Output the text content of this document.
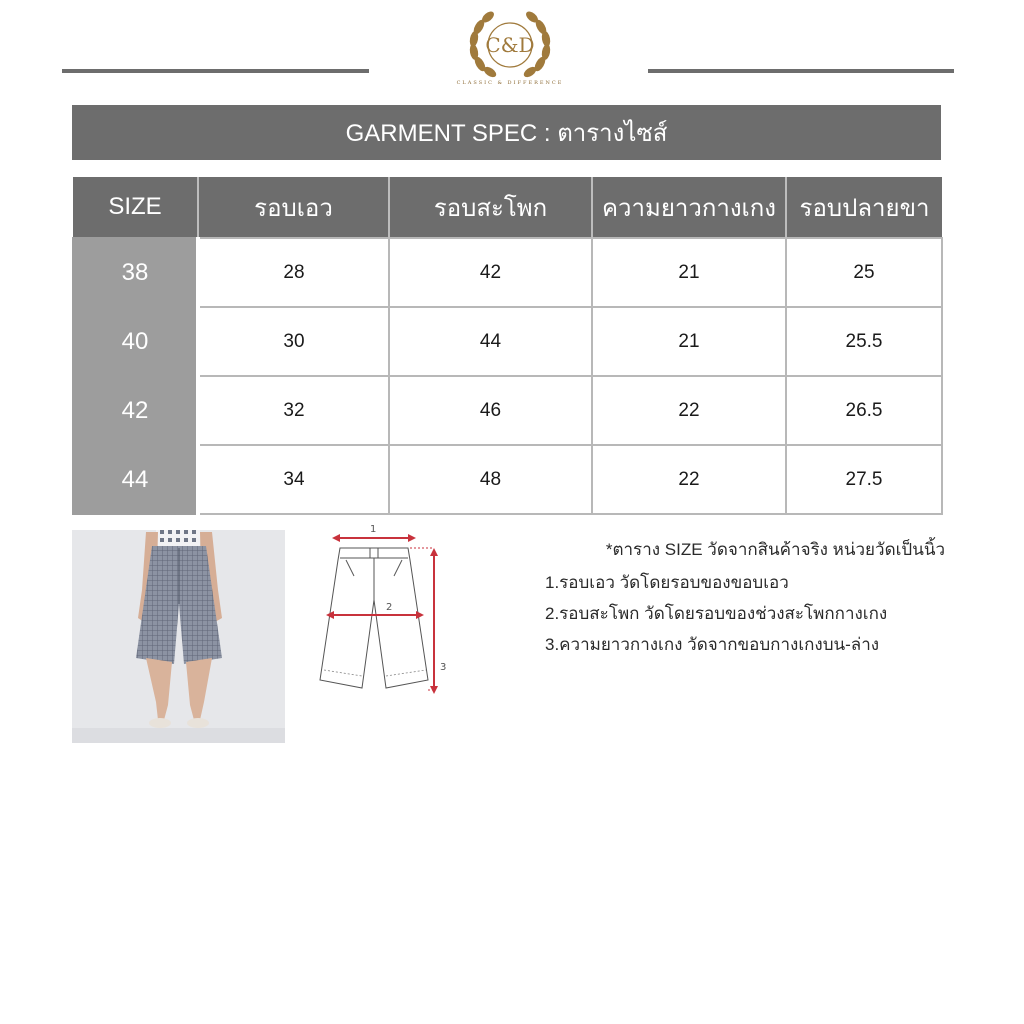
C&D
CLASSIC & DIFFERENCE
GARMENT SPEC : ตารางไซส์
SIZE	รอบเอว	รอบสะโพก	ความยาวกางเกง	รอบปลายขา
38	28	42	21	25
40	30	44	21	25.5
42	32	46	22	26.5
44	34	48	22	27.5
1
2
3
*ตาราง SIZE วัดจากสินค้าจริง หน่วยวัดเป็นนิ้ว
1.รอบเอว วัดโดยรอบของขอบเอว
2.รอบสะโพก วัดโดยรอบของช่วงสะโพกกางเกง
3.ความยาวกางเกง วัดจากขอบกางเกงบน-ล่าง
